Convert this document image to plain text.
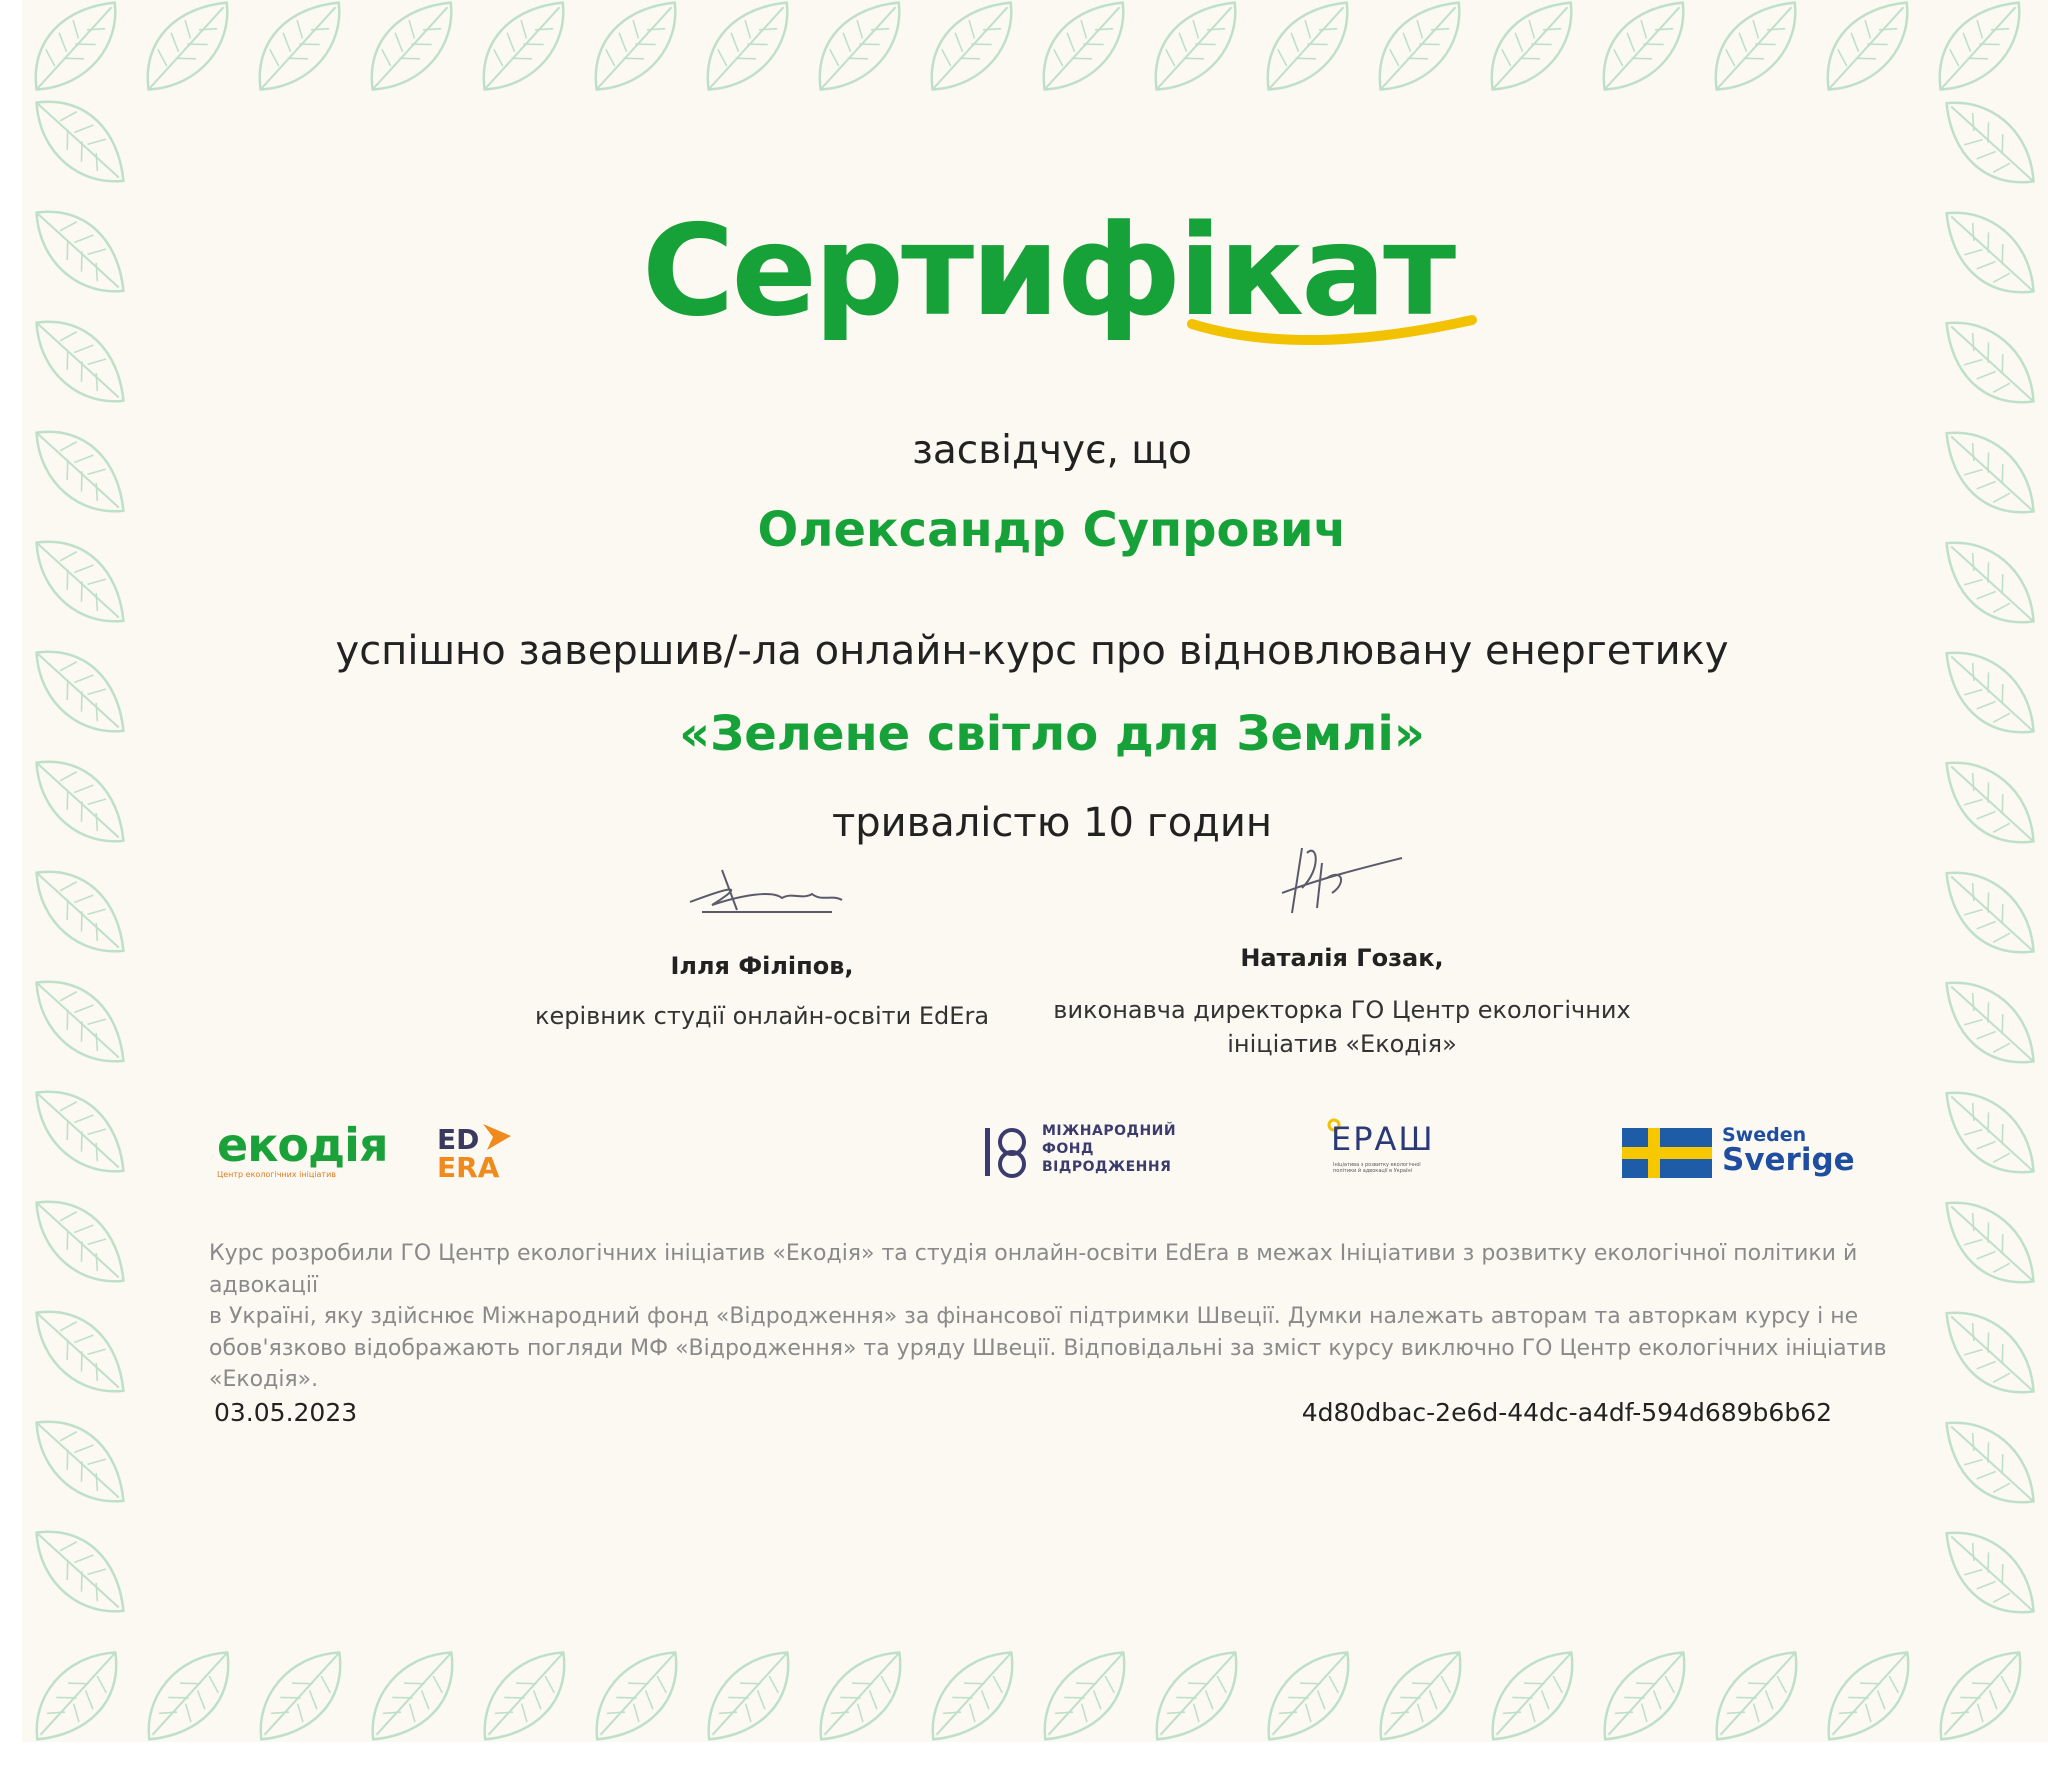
Сертифікат
засвідчує, що
Олександр Супрович
успішно завершив/-ла онлайн-курс про відновлювану енергетику
«Зелене світло для Землі»
тривалістю 10 годин
Ілля Філіпов,
керівник студії онлайн-освіти EdEra
Наталія Гозак,
виконавча директорка ГО Центр екологічних
ініціатив «Екодія»
екодія
Центр екологічних ініціатив
ED
ERA
МІЖНАРОДНИЙ
ФОНД
ВІДРОДЖЕННЯ
ЕРАШ
Ініціатива з розвитку екологічної
політики й адвокації в Україні
Sweden
Sverige
Курс розробили ГО Центр екологічних ініціатив «Екодія» та студія онлайн-освіти EdEra в межах Ініціативи з розвитку екологічної політики й адвокації
в Україні, яку здійснює Міжнародний фонд «Відродження» за фінансової підтримки Швеції. Думки належать авторам та авторкам курсу і не
обов'язково відображають погляди МФ «Відродження» та уряду Швеції. Відповідальні за зміст курсу виключно ГО Центр екологічних ініціатив
«Екодія».
03.05.2023	4d80dbac-2e6d-44dc-a4df-594d689b6b62
